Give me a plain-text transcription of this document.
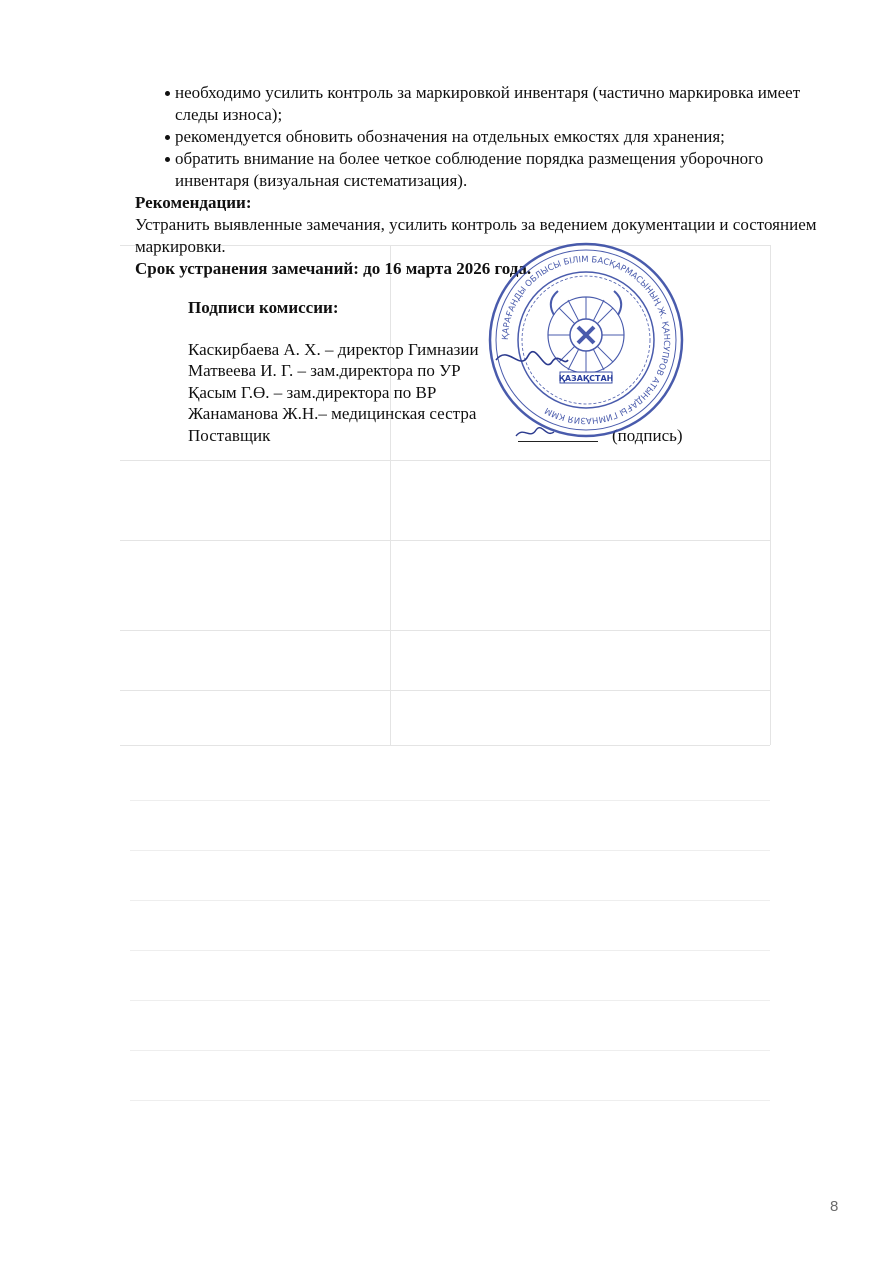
необходимо усилить контроль за маркировкой инвентаря (частично маркировка имеет следы износа);
рекомендуется обновить обозначения на отдельных емкостях для хранения;
обратить внимание на более четкое соблюдение порядка размещения уборочного инвентаря (визуальная систематизация).

Рекомендации:

Устранить выявленные замечания, усилить контроль за ведением документации и состоянием маркировки.

Срок устранения замечаний: до 16 марта 2026 года.

Подписи комиссии:

Каскирбаева А. Х. – директор Гимназии

Матвеева И. Г. – зам.директора по УР

Қасым Г.Ө. – зам.директора по ВР

Жанаманова Ж.Н.– медицинская сестра

Поставщик	(подпись)
ҚАРАҒАНДЫ ОБЛЫСЫ БІЛІМ БАСҚАРМАСЫНЫҢ Ж. ҚАНСУПРОВ АТЫНДАҒЫ ГИМНАЗИЯ КММ
ҚАЗАҚСТАН
8
